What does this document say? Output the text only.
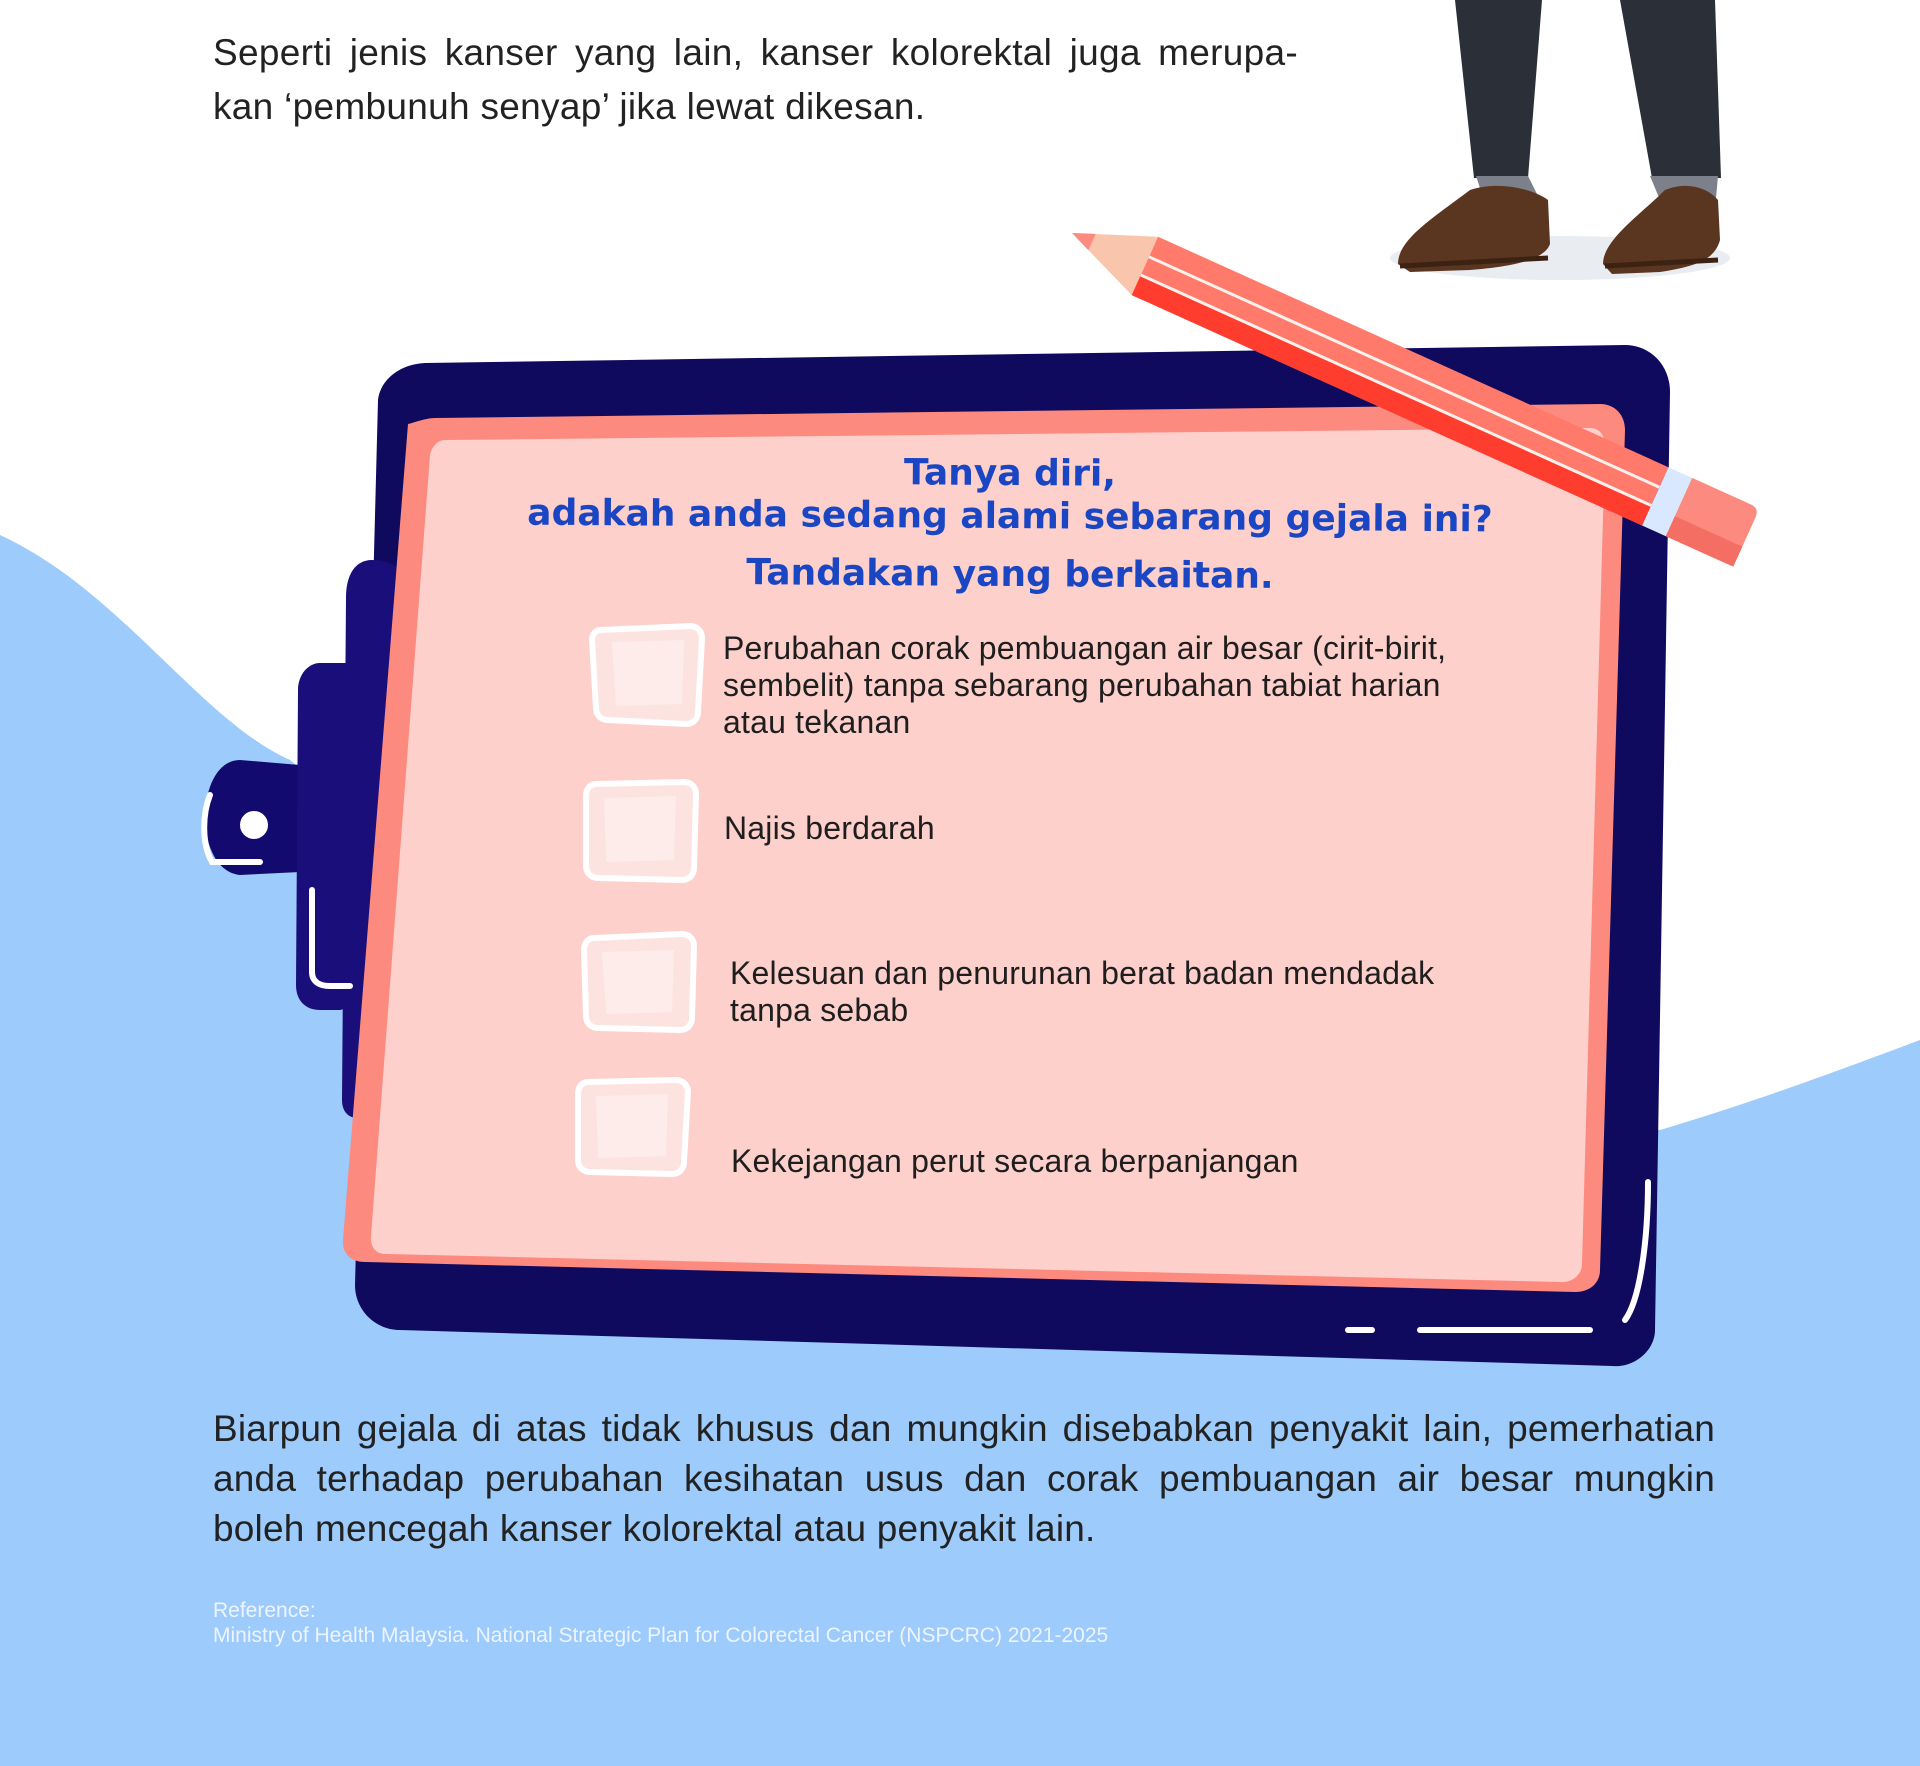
Seperti jenis kanser yang lain, kanser kolorektal juga merupa- kan ‘pembunuh senyap’ jika lewat dikesan.

Tanya diri,

adakah anda sedang alami sebarang gejala ini?

Tandakan yang berkaitan.

Perubahan corak pembuangan air besar (cirit-birit,
sembelit) tanpa sebarang perubahan tabiat harian
atau tekanan

Najis berdarah

Kelesuan dan penurunan berat badan mendadak
tanpa sebab

Kekejangan perut secara berpanjangan

Biarpun gejala di atas tidak khusus dan mungkin disebabkan penyakit lain, pemerhatian anda terhadap perubahan kesihatan usus dan corak pembuangan air besar mungkin boleh mencegah kanser kolorektal atau penyakit lain.

Reference:
Ministry of Health Malaysia. National Strategic Plan for Colorectal Cancer (NSPCRC) 2021-2025
